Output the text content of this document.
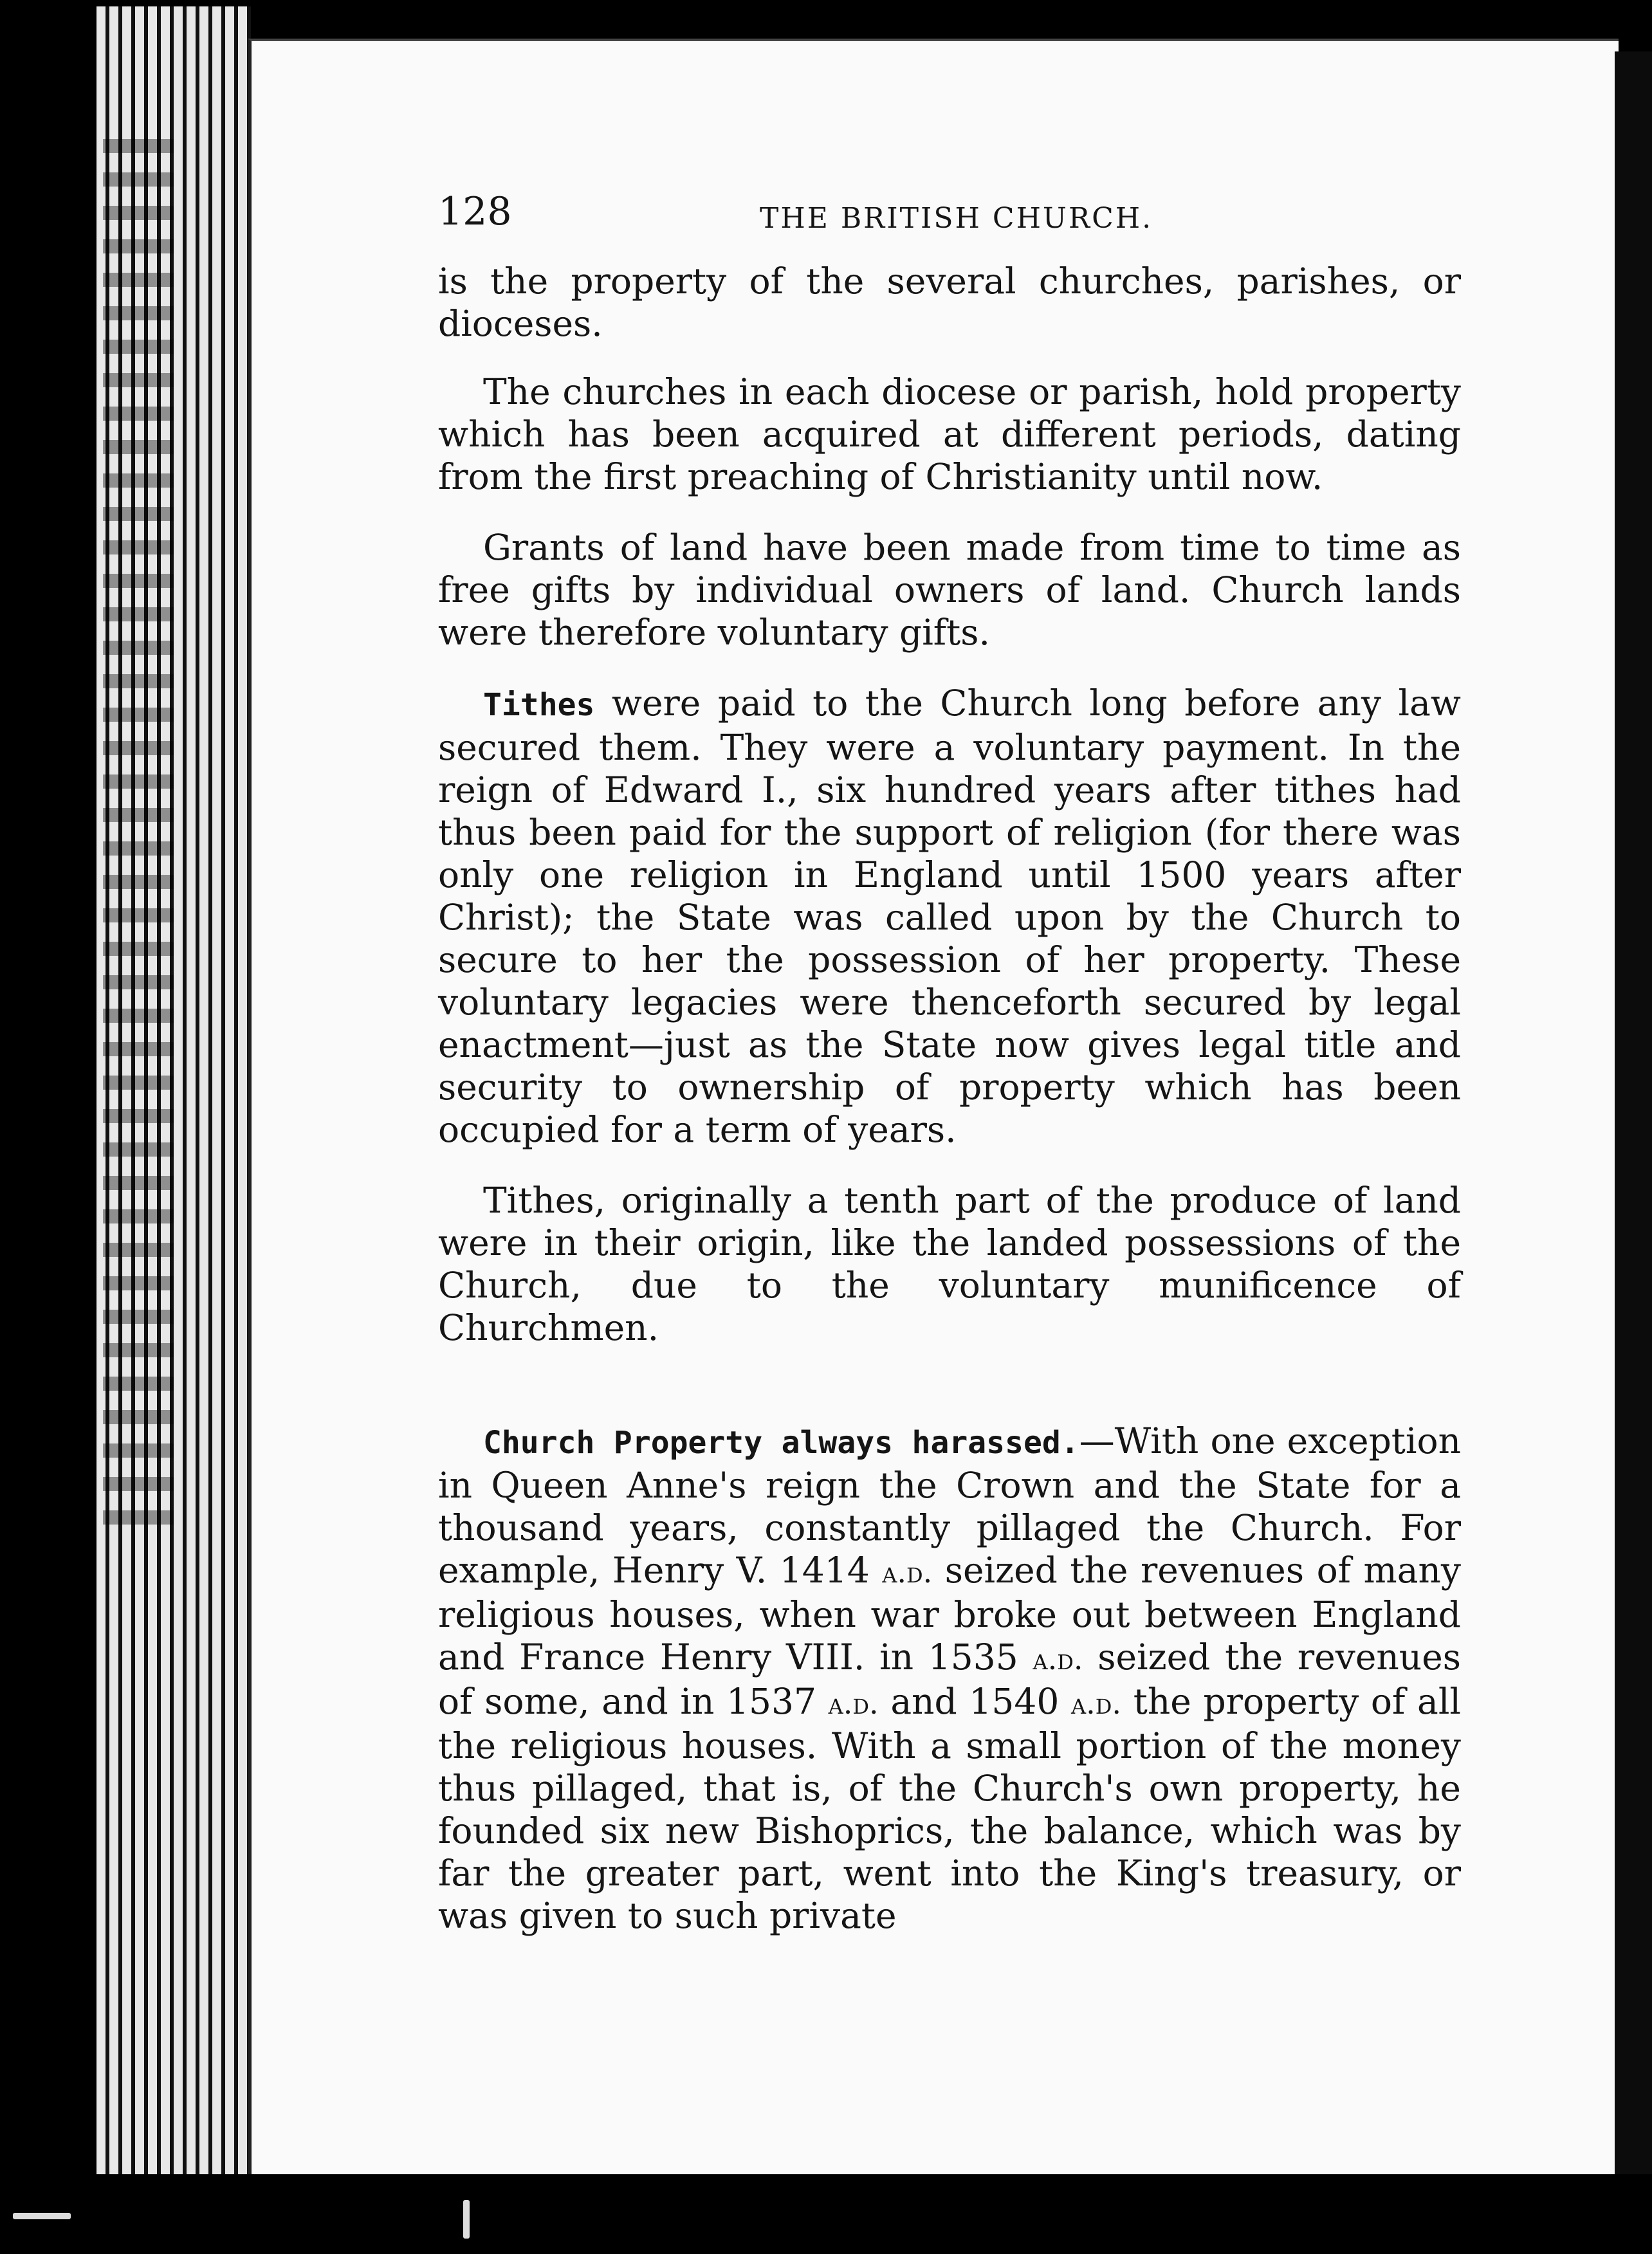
128	THE BRITISH CHURCH.

is the property of the several churches, parishes, or dioceses.

The churches in each diocese or parish, hold property which has been acquired at different periods, dating from the first preaching of Christianity until now.

Grants of land have been made from time to time as free gifts by individual owners of land. Church lands were therefore voluntary gifts.

Tithes were paid to the Church long before any law secured them. They were a voluntary payment. In the reign of Edward I., six hundred years after tithes had thus been paid for the support of religion (for there was only one religion in England until 1500 years after Christ); the State was called upon by the Church to secure to her the possession of her property. These voluntary legacies were thenceforth secured by legal enactment—just as the State now gives legal title and security to ownership of property which has been occupied for a term of years.

Tithes, originally a tenth part of the produce of land were in their origin, like the landed possessions of the Church, due to the voluntary munificence of Churchmen.

Church Property always harassed.—With one exception in Queen Anne's reign the Crown and the State for a thousand years, constantly pillaged the Church. For example, Henry V. 1414 a.d. seized the revenues of many religious houses, when war broke out between England and France Henry VIII. in 1535 a.d. seized the revenues of some, and in 1537 a.d. and 1540 a.d. the property of all the religious houses. With a small portion of the money thus pillaged, that is, of the Church's own property, he founded six new Bishoprics, the balance, which was by far the greater part, went into the King's treasury, or was given to such private
